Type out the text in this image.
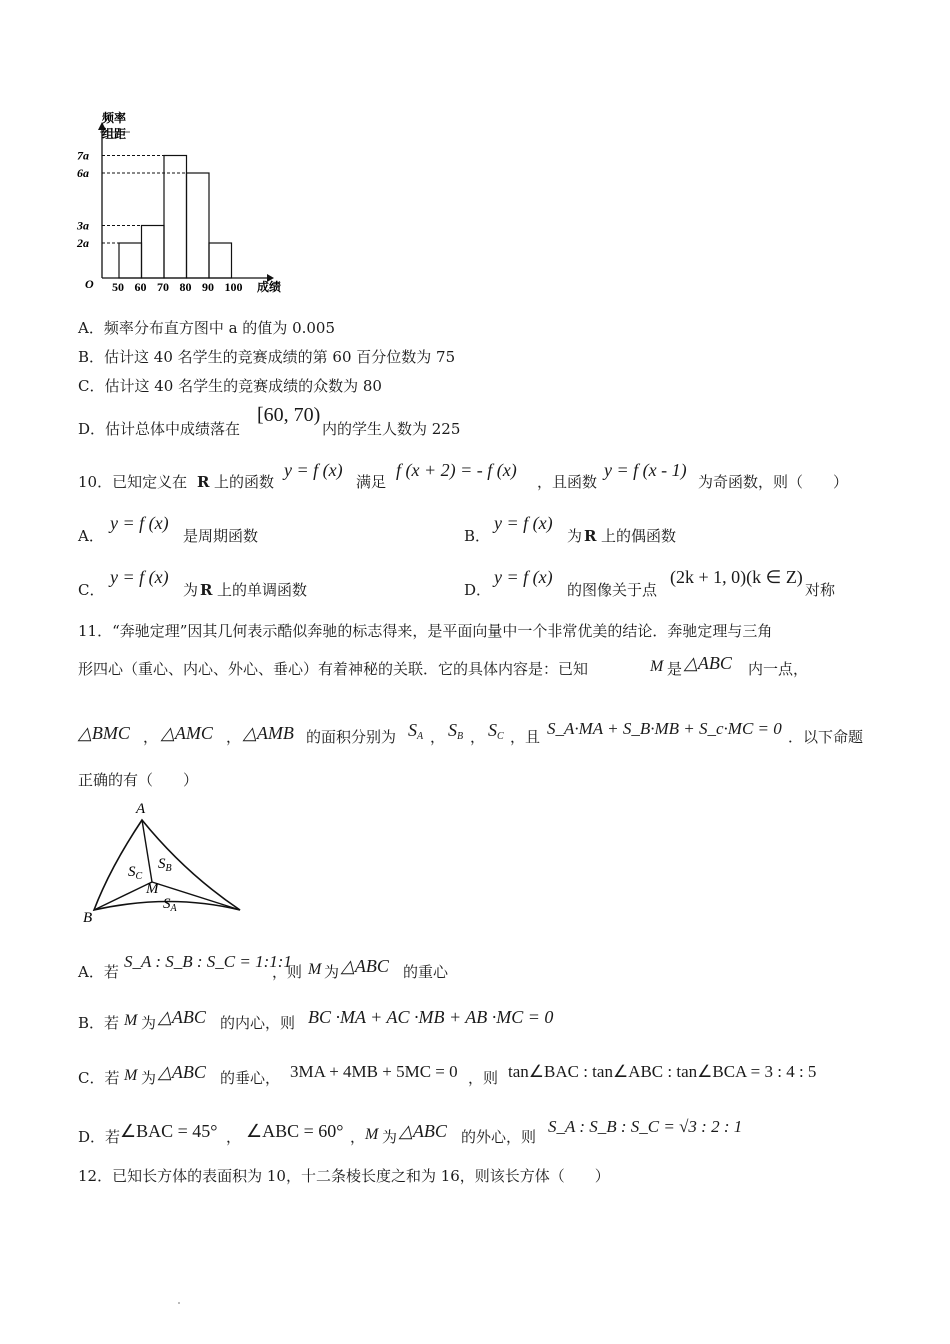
频率
组距
O	成绩
2a
3a
6a
7a
50 60 70 80 90 100
A．频率分布直方图中 a 的值为 0.005
B．估计这 40 名学生的竞赛成绩的第 60 百分位数为 75
C．估计这 40 名学生的竞赛成绩的众数为 80
D．估计总体中成绩落在
[60, 70)
内的学生人数为 225
10．已知定义在 R 上的函数
y = f (x)
满足
f (x + 2) = - f (x)
，且函数
y = f (x - 1)
为奇函数，则（　　）
A．
y = f (x)
是周期函数	B．
y = f (x)
为 R 上的偶函数
C．
y = f (x)
为 R 上的单调函数	D．
y = f (x)
的图像关于点
(2k + 1, 0)(k ∈ Z)
对称
11．“奔驰定理”因其几何表示酷似奔驰的标志得来，是平面向量中一个非常优美的结论．奔驰定理与三角
形四心（重心、内心、外心、垂心）有着神秘的关联．它的具体内容是：已知	M 是 △ABC 内一点，
△BMC ， △AMC ， △AMB 的面积分别为 $S_A$ ， $S_B$ ， $S_C$ ，且 S_A·MA + S_B·MB + S_c·MC = 0 ．以下命题
正确的有（　　）
A
B
M
$S_C$
$S_B$
$S_A$
A．若
S_A : S_B : S_C = 1:1:1
，则 M 为 △ABC 的重心
B．若 M 为 △ABC 的内心，则 BC ·MA + AC ·MB + AB ·MC = 0
C．若 M 为 △ABC 的垂心， 3MA + 4MB + 5MC = 0 ，则 tan∠BAC : tan∠ABC : tan∠BCA = 3 : 4 : 5
D．若 ∠BAC = 45° ， ∠ABC = 60° ， M 为 △ABC 的外心，则
S_A : S_B : S_C = √3 : 2 : 1
12．已知长方体的表面积为 10，十二条棱长度之和为 16，则该长方体（　　）
